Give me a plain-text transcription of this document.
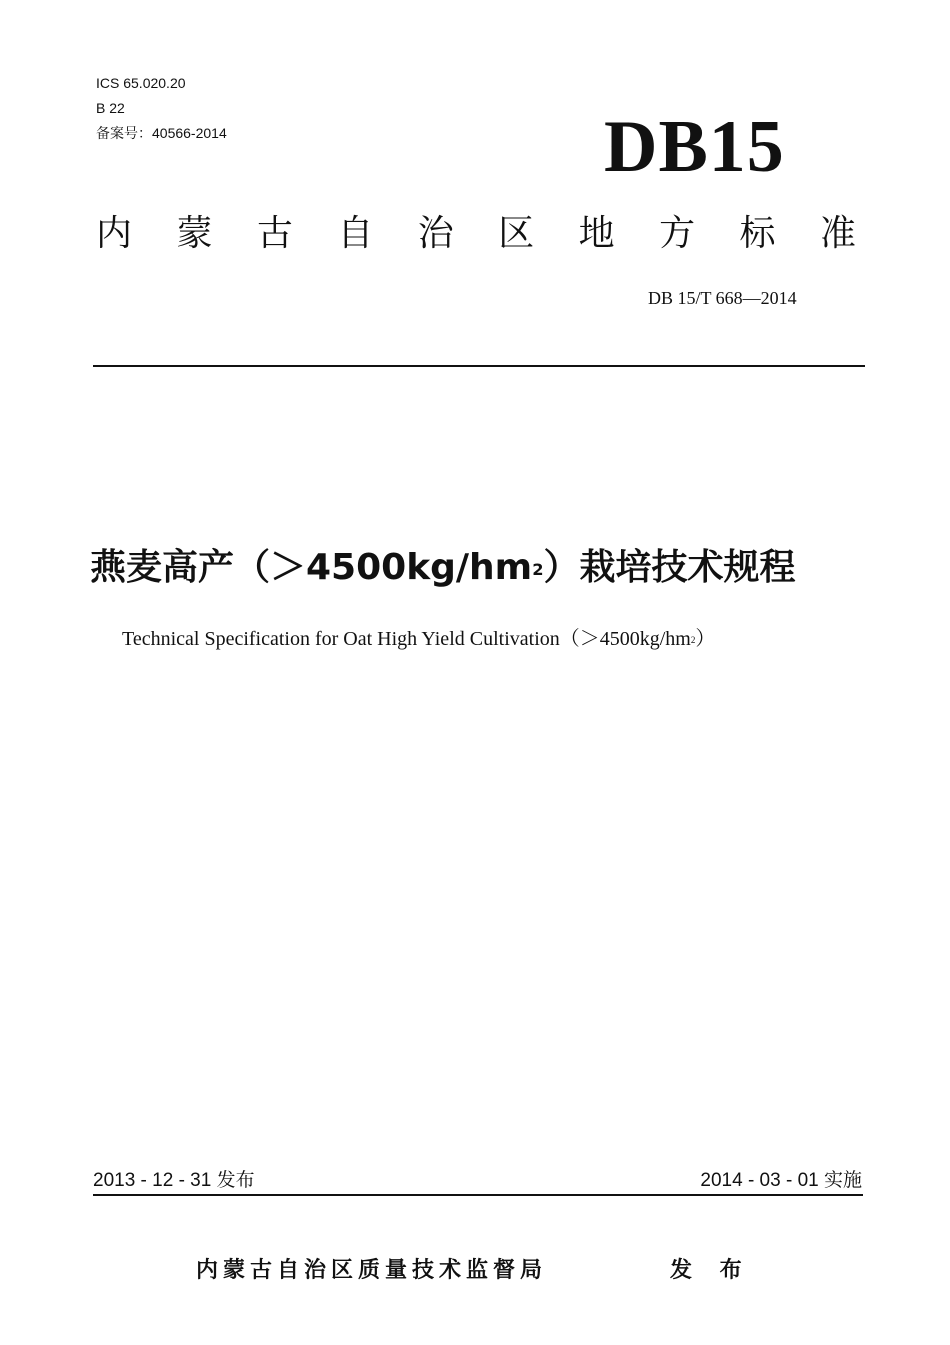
ICS 65.020.20
B 22
备案号：40566-2014	DB15
内 蒙 古 自 治 区 地 方 标 准
DB 15/T 668—2014
燕麦高产$(>4500kg/hm^2)$栽培技术规程
Technical Specification for Oat High Yield $Cultivation(>4500kg/hm^2)$
2013 - 12 - 31 发布	2014 - 03 - 01 实施
内蒙古自治区质量技术监督局	发 布
